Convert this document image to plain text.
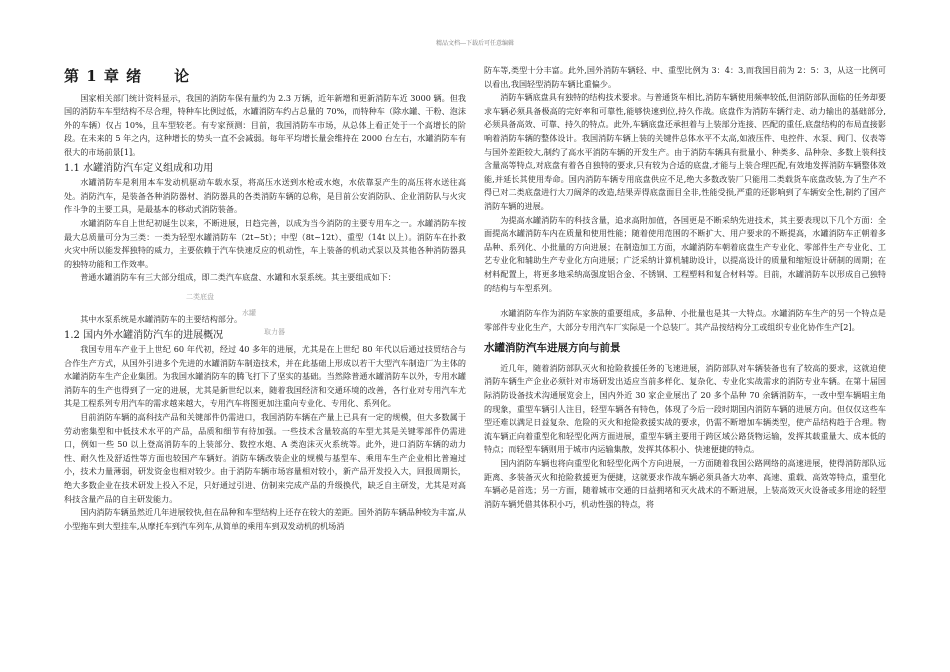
精品文档---下载后可任意编辑
第 1 章 绪　　论

国家相关部门统计资料显示，我国的消防车保有量约为 2.3 万辆，近年新增和更新消防车近 3000 辆。但我国的消防车车型结构不尽合理，特种车比例过低，水罐消防车约占总量的 70%，而特种车（除水罐、干粉、泡沫外的车辆）仅占 10%，且车型较老。有专家预测：目前，我国消防车市场，从总体上看正处于一个高增长的阶段。在未来的 5 年之内，这种增长的势头一直不会减弱。每年平均增长量会维持在 2000 台左右，水罐消防车有很大的市场前景[1]。

1.1 水罐消防汽车定义组成和功用

水罐消防车是利用本车发动机驱动车载水泵，将高压水送到水枪或水炮，水依靠泵产生的高压将水送往高处。消防汽车，是装备各种消防器材、消防器具的各类消防车辆的总称，是目前公安消防队、企业消防队与火灾作斗争的主要工具，是最基本的移动式消防装备。

水罐消防车自上世纪初诞生以来，不断进展，日趋完善，以成为当今消防的主要专用车之一。水罐消防车按最大总质量可分为三类：一类为轻型水罐消防车（2t~5t）；中型（8t~12t）、重型（14t 以上）。消防车在扑救火灾中所以能发挥独特的威力，主要依赖于汽车快速反应的机动性，车上装备的机动式泵以及其他各种消防器具的独特功能和工作效率。

普通水罐消防车有三大部分组成，即二类汽车底盘、水罐和水泵系统。其主要组成如下：

二类底盘
水罐

其中水泵系统是水罐消防车的主要结构部分。

1.2 国内外水罐消防汽车的进展概况	取力器

我国专用车产业于上世纪 60 年代初，经过 40 多年的进展，尤其是在上世纪 80 年代以后通过技贸结合与合作生产方式，从国外引进多个先进的水罐消防车制造技术，并在此基础上形成以若干大型汽车制造厂为主体的水罐消防车生产企业集团。为我国水罐消防车的腾飞打下了坚实的基础。当然除普通水罐消防车以外，专用水罐消防车的生产也得到了一定的进展，尤其是新世纪以来，随着我国经济和交通环境的改善，各行业对专用汽车尤其是工程系列专用汽车的需求越来越大，专用汽车将图更加注重向专业化、专用化、系列化。

目前消防车辆的高科技产品和关键部件仍需进口，我国消防车辆在产量上已具有一定的规模，但大多数属于劳动密集型和中低技术水平的产品，品质和细节有待加强。一些技术含量较高的车型尤其是关键零部件仍需进口，例如一些 50 以上登高消防车的上装部分、数控水炮、A 类泡沫灭火系统等。此外，进口消防车辆的动力性、耐久性及舒适性等方面也较国产车辆好。消防车辆改装企业的规模与基型车、乘用车生产企业相比普遍过小，技术力量薄弱，研发资金也相对较少。由于消防车辆市场容量相对较小，新产品开发投入大，回报周期长，绝大多数企业在技术研发上投入不足，只好通过引进、仿制来完成产品的升级换代，缺乏自主研发，尤其是对高科技含量产品的自主研发能力。

国内消防车辆虽然近几年进展较快,但在品种和车型结构上还存在较大的差距。国外消防车辆品种较为丰富,从小型拖车到大型挂车,从摩托车到汽车列车,从简单的乘用车到双发动机的机场消

防车等,类型十分丰富。此外,国外消防车辆轻、中、重型比例为 3：4：3,而我国目前为 2：5：3，从这一比例可以看出,我国轻型消防车辆比重偏少。

消防车辆底盘具有独特的结构技术要求。与普通货车相比,消防车辆使用频率较低,但消防部队面临的任务却要求车辆必须具备极高的完好率和可靠性,能够快速到位,持久作战。底盘作为消防车辆行走、动力输出的基础部分,必须具备高效、可靠、持久的特点。此外,车辆底盘还承担着与上装部分连接、匹配的重任,底盘结构的布局直接影响着消防车辆的整体设计。我国消防车辆上装的关键件总体水平不太高,如液压件、电控件、水泵、阀门、仪表等与国外差距较大,制约了高水平消防车辆的开发生产。由于消防车辆具有批量小、种类多、品种杂、多数上装科技含量高等特点,对底盘有着各自独特的要求,只有较为合适的底盘,才能与上装合理匹配,有效地发挥消防车辆整体效能,并延长其使用寿命。国内消防车辆专用底盘供应不足,绝大多数改装厂只能用二类载货车底盘改装,为了生产不得已对二类底盘进行大刀阔斧的改造,结果弄得底盘面目全非,性能受损,严重的还影响到了车辆安全性,制约了国产消防车辆的进展。

为提高水罐消防车的科技含量，追求高附加值，各国更是不断采纳先进技术，其主要表现以下几个方面：全面提高水罐消防车内在质量和使用性能；随着使用范围的不断扩大、用户要求的不断提高，水罐消防车正朝着多品种、系列化、小批量的方向进展；在制造加工方面，水罐消防车朝着底盘生产专业化、零部件生产专业化、工艺专业化和辅助生产专业化方向进展；广泛采纳计算机辅助设计，以提高设计的质量和缩短设计研制的周期；在材料配置上，将更多地采纳高强度铝合金、不锈钢、工程塑料和复合材料等。目前，水罐消防车以形成自己独特的结构与车型系列。

水罐消防车作为消防车家族的重要组成，多品种、小批量也是其一大特点。水罐消防车生产的另一个特点是零部件专业化生产，大部分专用汽车厂实际是一个总装厂。其产品按结构分工或组织专业化协作生产[2]。

水罐消防汽车进展方向与前景

近几年，随着消防部队灭火和抢险救援任务的飞速进展，消防部队对车辆装备也有了较高的要求，这就迫使消防车辆生产企业必须针对市场研发出适应当前多样化、复杂化、专业化实战需求的消防专业车辆。在第十届国际消防设备技术沟通展览会上，国内外近 30 家企业展出了 20 多个品种 70 余辆消防车，一改中型车辆唱主角的现象，重型车辆引人注目，轻型车辆各有特色，体现了今后一段时期国内消防车辆的进展方向。但仅仅这些车型还难以满足日益复杂、危险的灭火和抢险救援实战的要求，仍需不断增加车辆类型，使产品结构趋于合理。物流车辆正向着重型化和轻型化两方面进展，重型车辆主要用于跨区域公路货物运输，发挥其载重量大、成本低的特点；而轻型车辆则用于城市内运输集散，发挥其体积小、快速便捷的特点。

国内消防车辆也将向重型化和轻型化两个方向进展，一方面随着我国公路网络的高速进展，使得消防部队远距离、多装备灭火和抢险救援更为便捷，这就要求作战车辆必须具备大功率、高速、重载、高效等特点，重型化车辆必是首选；另一方面，随着城市交通的日益拥堵和灭火战术的不断进展，上装高效灭火设备或多用途的轻型消防车辆凭借其体积小巧，机动性强的特点，将
